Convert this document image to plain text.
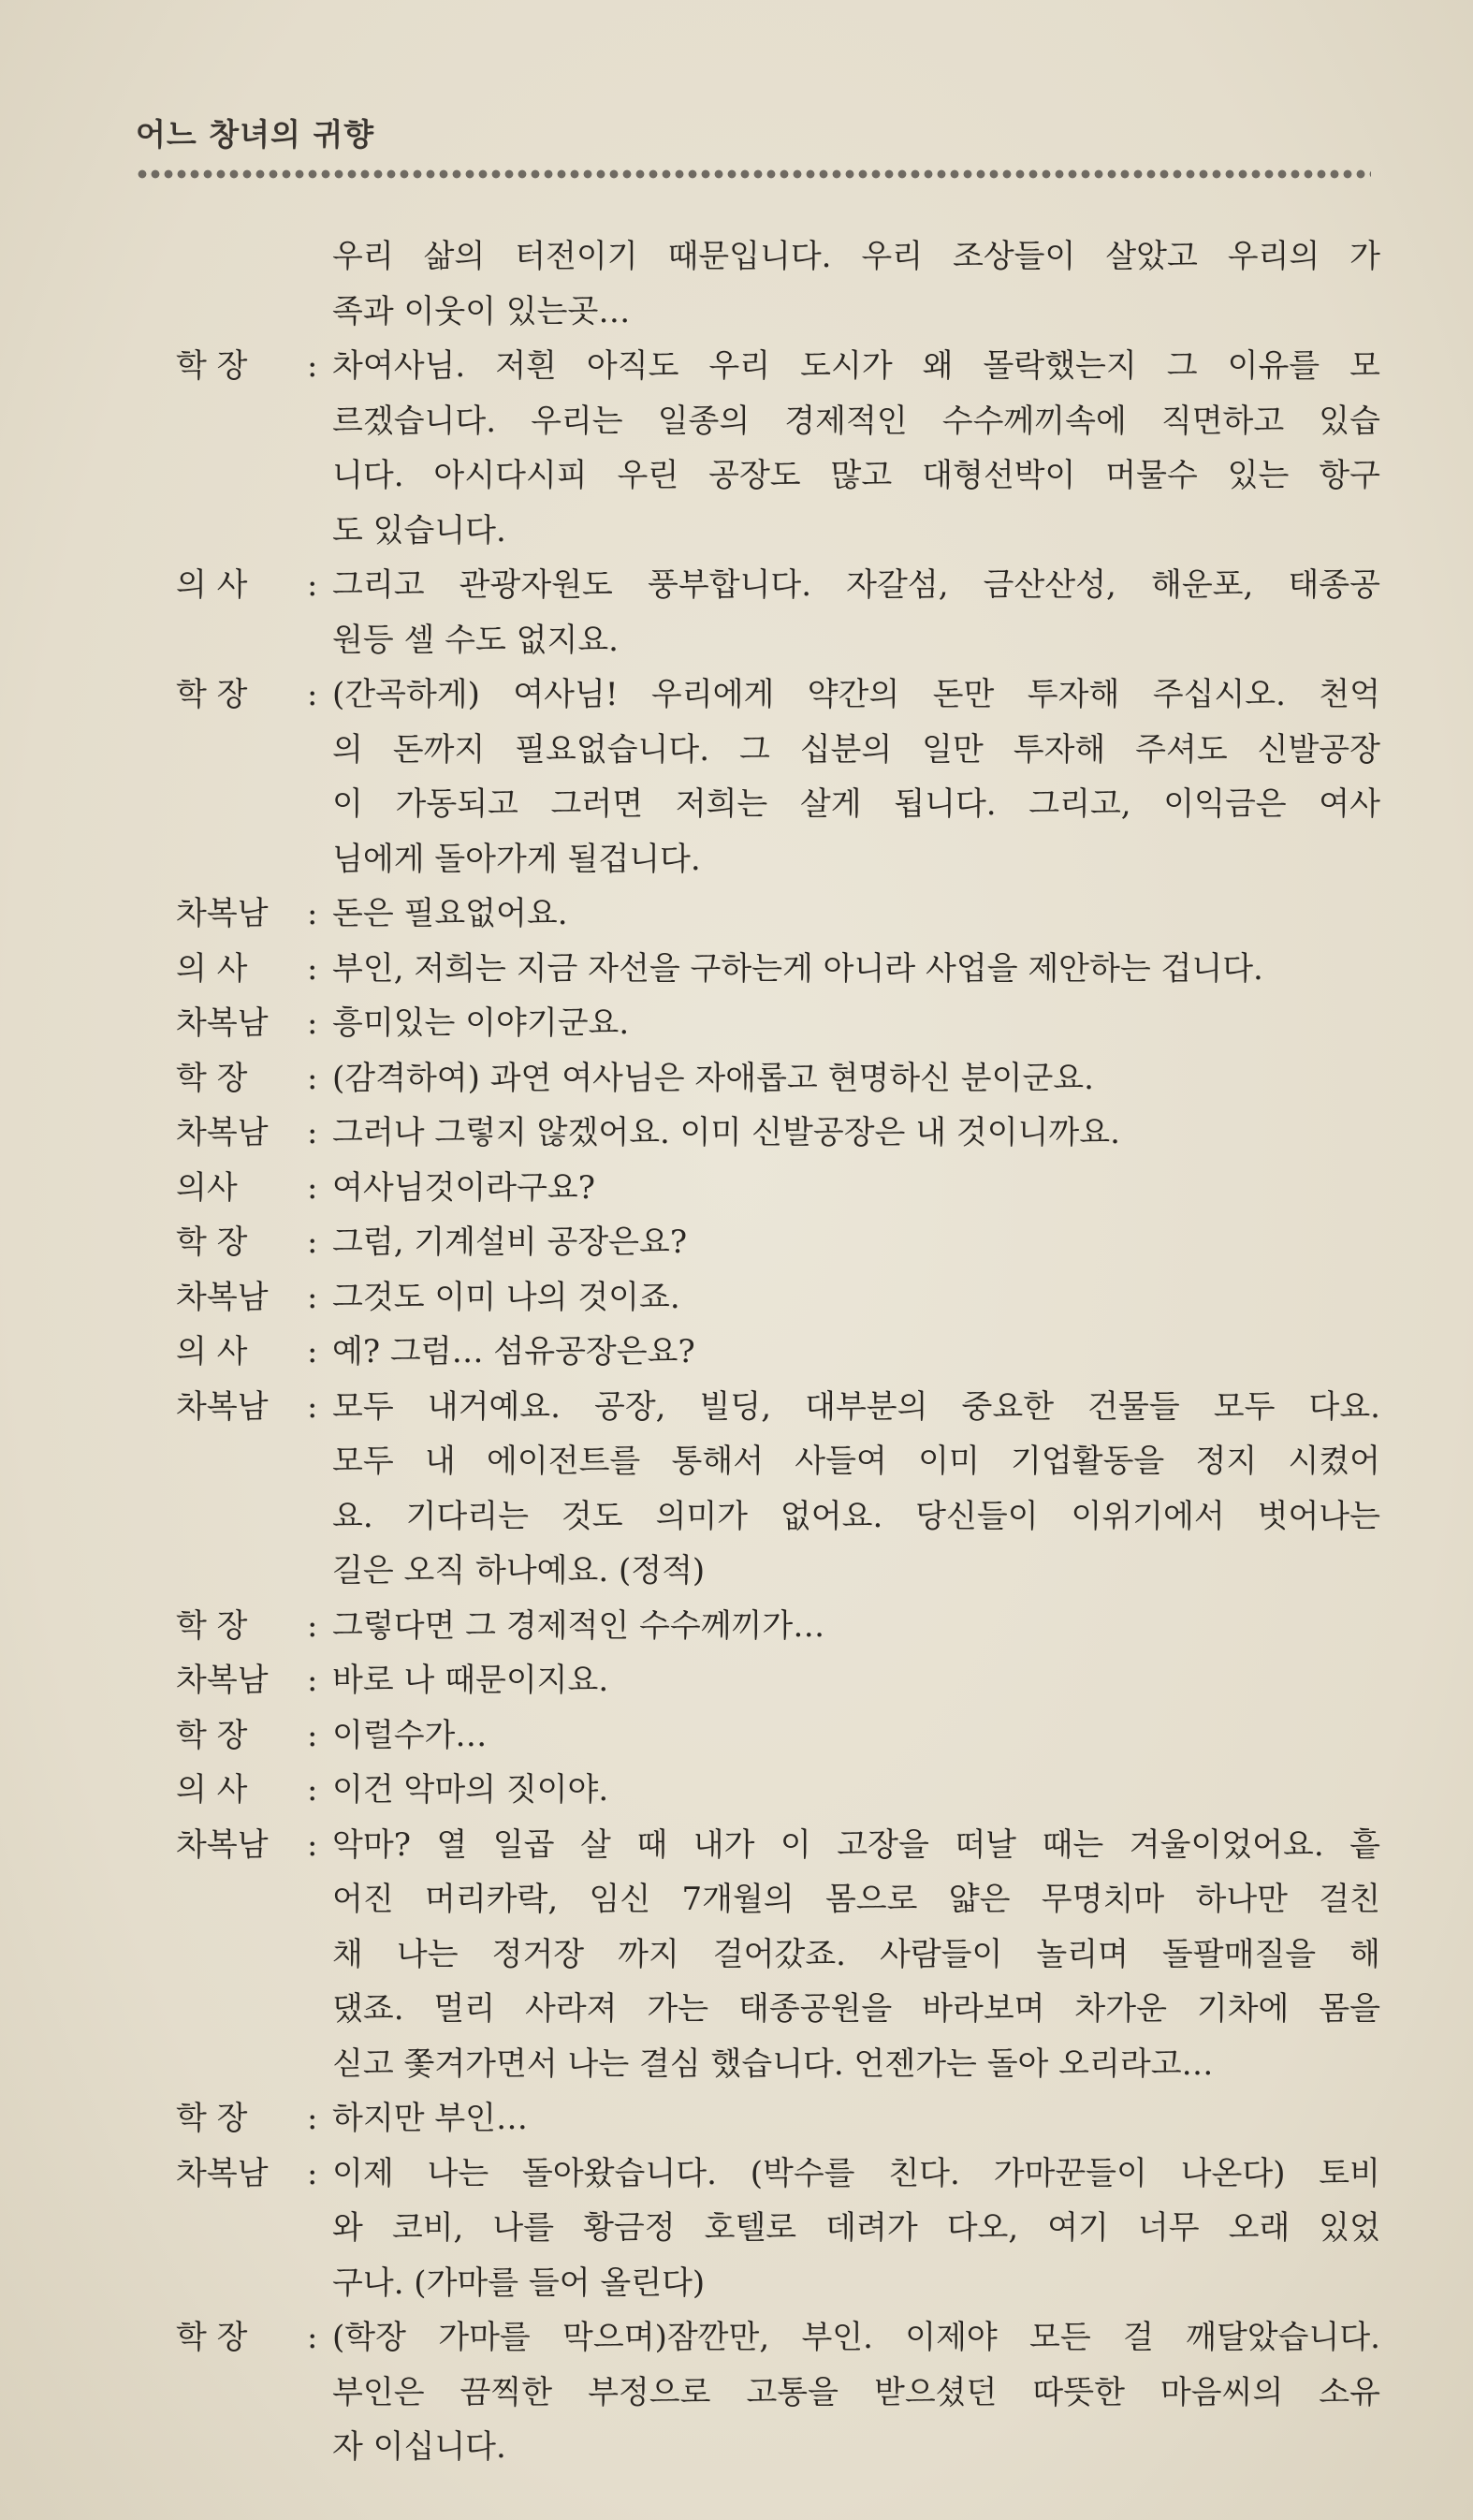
어느 창녀의 귀향
우리 삶의 터전이기 때문입니다. 우리 조상들이 살았고 우리의 가
족과 이웃이 있는곳…
학 장	: 차여사님. 저흰 아직도 우리 도시가 왜 몰락했는지 그 이유를 모
르겠습니다. 우리는 일종의 경제적인 수수께끼속에 직면하고 있습
니다. 아시다시피 우린 공장도 많고 대형선박이 머물수 있는 항구
도 있습니다.
의 사	: 그리고 관광자원도 풍부합니다. 자갈섬, 금산산성, 해운포, 태종공
원등 셀 수도 없지요.
학 장	: (간곡하게) 여사님! 우리에게 약간의 돈만 투자해 주십시오. 천억
의 돈까지 필요없습니다. 그 십분의 일만 투자해 주셔도 신발공장
이 가동되고 그러면 저희는 살게 됩니다. 그리고, 이익금은 여사
님에게 돌아가게 될겁니다.
차복남	: 돈은 필요없어요.
의 사	: 부인, 저희는 지금 자선을 구하는게 아니라 사업을 제안하는 겁니다.
차복남	: 흥미있는 이야기군요.
학 장	: (감격하여) 과연 여사님은 자애롭고 현명하신 분이군요.
차복남	: 그러나 그렇지 않겠어요. 이미 신발공장은 내 것이니까요.
의사	: 여사님것이라구요?
학 장	: 그럼, 기계설비 공장은요?
차복남	: 그것도 이미 나의 것이죠.
의 사	: 예? 그럼… 섬유공장은요?
차복남	: 모두 내거예요. 공장, 빌딩, 대부분의 중요한 건물들 모두 다요.
모두 내 에이전트를 통해서 사들여 이미 기업활동을 정지 시켰어
요. 기다리는 것도 의미가 없어요. 당신들이 이위기에서 벗어나는
길은 오직 하나예요. (정적)
학 장	: 그렇다면 그 경제적인 수수께끼가…
차복남	: 바로 나 때문이지요.
학 장	: 이럴수가…
의 사	: 이건 악마의 짓이야.
차복남	: 악마? 열 일곱 살 때 내가 이 고장을 떠날 때는 겨울이었어요. 흩
어진 머리카락, 임신 7개월의 몸으로 얇은 무명치마 하나만 걸친
채 나는 정거장 까지 걸어갔죠. 사람들이 놀리며 돌팔매질을 해
댔죠. 멀리 사라져 가는 태종공원을 바라보며 차가운 기차에 몸을
싣고 쫓겨가면서 나는 결심 했습니다. 언젠가는 돌아 오리라고…
학 장	: 하지만 부인…
차복남	: 이제 나는 돌아왔습니다. (박수를 친다. 가마꾼들이 나온다) 토비
와 코비, 나를 황금정 호텔로 데려가 다오, 여기 너무 오래 있었
구나. (가마를 들어 올린다)
학 장	: (학장 가마를 막으며)잠깐만, 부인. 이제야 모든 걸 깨달았습니다.
부인은 끔찍한 부정으로 고통을 받으셨던 따뜻한 마음씨의 소유
자 이십니다.
